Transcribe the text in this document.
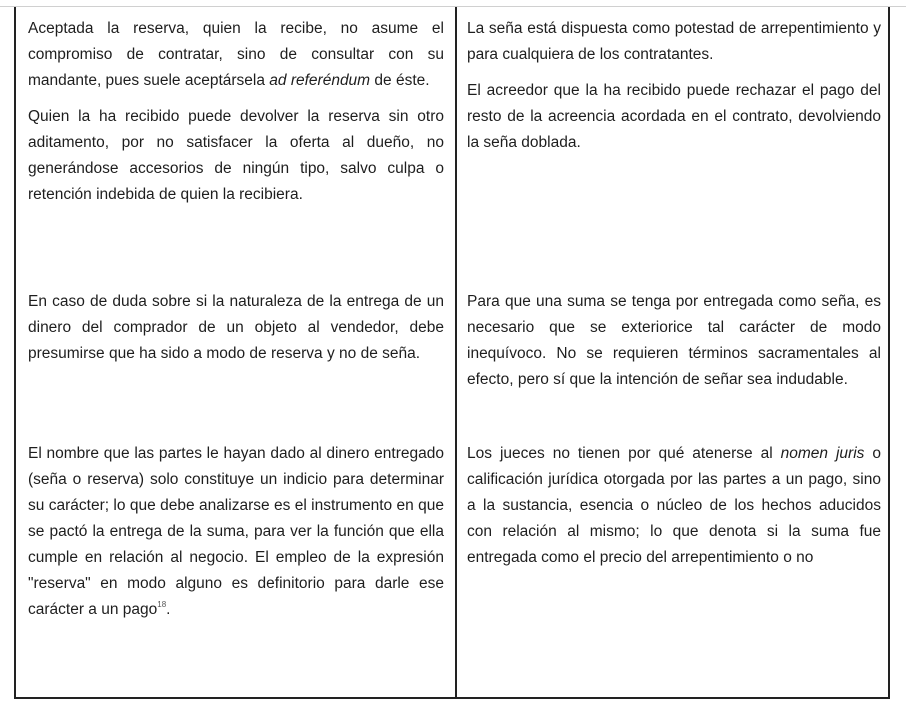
Aceptada la reserva, quien la recibe, no asume el compromiso de contratar, sino de consultar con su mandante, pues suele aceptársela ad referéndum de éste.

Quien la ha recibido puede devolver la reserva sin otro aditamento, por no satisfacer la oferta al dueño, no generándose accesorios de ningún tipo, salvo culpa o retención indebida de quien la recibiera.

La seña está dispuesta como potestad de arrepentimiento y para cualquiera de los contratantes.

El acreedor que la ha recibido puede rechazar el pago del resto de la acreencia acordada en el contrato, devolviendo la seña doblada.

En caso de duda sobre si la naturaleza de la entrega de un dinero del comprador de un objeto al vendedor, debe presumirse que ha sido a modo de reserva y no de seña.

Para que una suma se tenga por entregada como seña, es necesario que se exteriorice tal carácter de modo inequívoco. No se requieren términos sacramentales al efecto, pero sí que la intención de señar sea indudable.

El nombre que las partes le hayan dado al dinero entregado (seña o reserva) solo constituye un indicio para determinar su carácter; lo que debe analizarse es el instrumento en que se pactó la entrega de la suma, para ver la función que ella cumple en relación al negocio. El empleo de la expresión "reserva" en modo alguno es definitorio para darle ese carácter a un pago$^{18}$.

Los jueces no tienen por qué atenerse al nomen juris o calificación jurídica otorgada por las partes a un pago, sino a la sustancia, esencia o núcleo de los hechos aducidos con relación al mismo; lo que denota si la suma fue entregada como el precio del arrepentimiento o no
